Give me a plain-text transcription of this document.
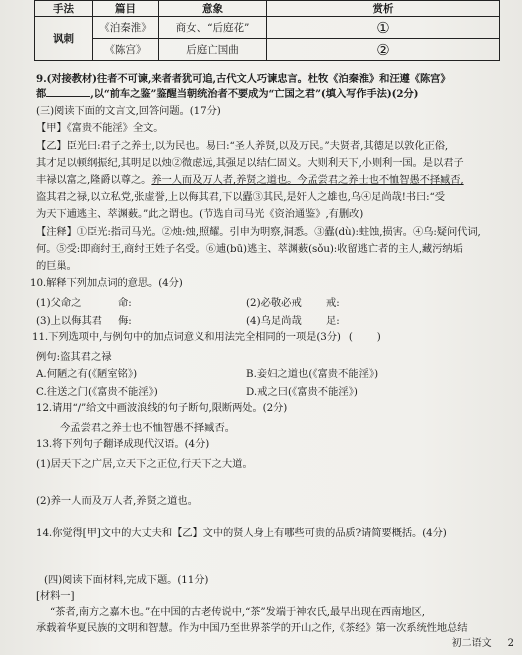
手法	篇目	意象	赏析
讽刺	《泊秦淮》	商女、“后庭花”	①
	《陈宫》	后庭亡国曲	②
9.(对接教材)往者不可谏,来者者犹可追,古代文人巧谏忠言。杜牧《泊秦淮》和汪遵《陈宫》
都	,以“前车之鉴”鉴醒当朝统治者不要成为“亡国之君”(填入写作手法)(2分)
(三)阅读下面的文言文,回答问题。(17分)
【甲】《富贵不能淫》全文。
【乙】臣光曰:君子之养士,以为民也。易曰:“圣人养贤,以及万民。”夫贤者,其德足以敦化正俗,
其才足以顿纲振纪,其明足以烛②微虑远,其强足以结仁固义。大则利天下,小则利一国。是以君子
丰禄以富之,隆爵以尊之。养一人而及万人者,养贤之道也。今孟尝君之养士也不恤智愚不择臧否,
盗其君之禄,以立私党,张虚誉,上以侮其君,下以蠹③其民,是奸人之雄也,乌④足尚哉!书曰:“受
为天下逋逃主、萃渊薮。”此之谓也。(节选自司马光《资治通鉴》,有删改)
【注释】①臣光:指司马光。②烛:烛,照耀。引申为明察,洞悉。③蠹(dù):蛀蚀,损害。④乌:疑问代词,
何。⑤受:即商纣王,商纣王姓子名受。⑥逋(bū)逃主、萃渊薮(sǒu):收留逃亡者的主人,藏污纳垢
的巨巢。
10.解释下列加点词的意思。(4分)
(1)父命之	命:	(2)必敬必戒 戒:
(3)上以侮其君 侮:	(4)乌足尚哉 足:
11.下列选项中,与例句中的加点词意义和用法完全相同的一项是(3分) ( )
例句:盗其君之禄
A.何陋之有(《陋室铭》)	B.妾妇之道也(《富贵不能淫》)
C.往送之门(《富贵不能淫》)	D.戒之曰(《富贵不能淫》)
12.请用“/”给文中画波浪线的句子断句,限断两处。(2分)
今孟尝君之养士也不恤智愚不择臧否。
13.将下列句子翻译成现代汉语。(4分)
(1)居天下之广居,立天下之正位,行天下之大道。
(2)养一人而及万人者,养贤之道也。
14.你觉得[甲]文中的大丈夫和【乙】文中的贤人身上有哪些可贵的品质?请简要概括。(4分)
(四)阅读下面材料,完成下题。(11分)
[材料一]
“茶者,南方之嘉木也。”在中国的古老传说中,“茶”发端于神农氏,最早出现在西南地区,
承载着华夏民族的文明和智慧。作为中国乃至世界茶学的开山之作,《茶经》第一次系统性地总结
初二语文 2
